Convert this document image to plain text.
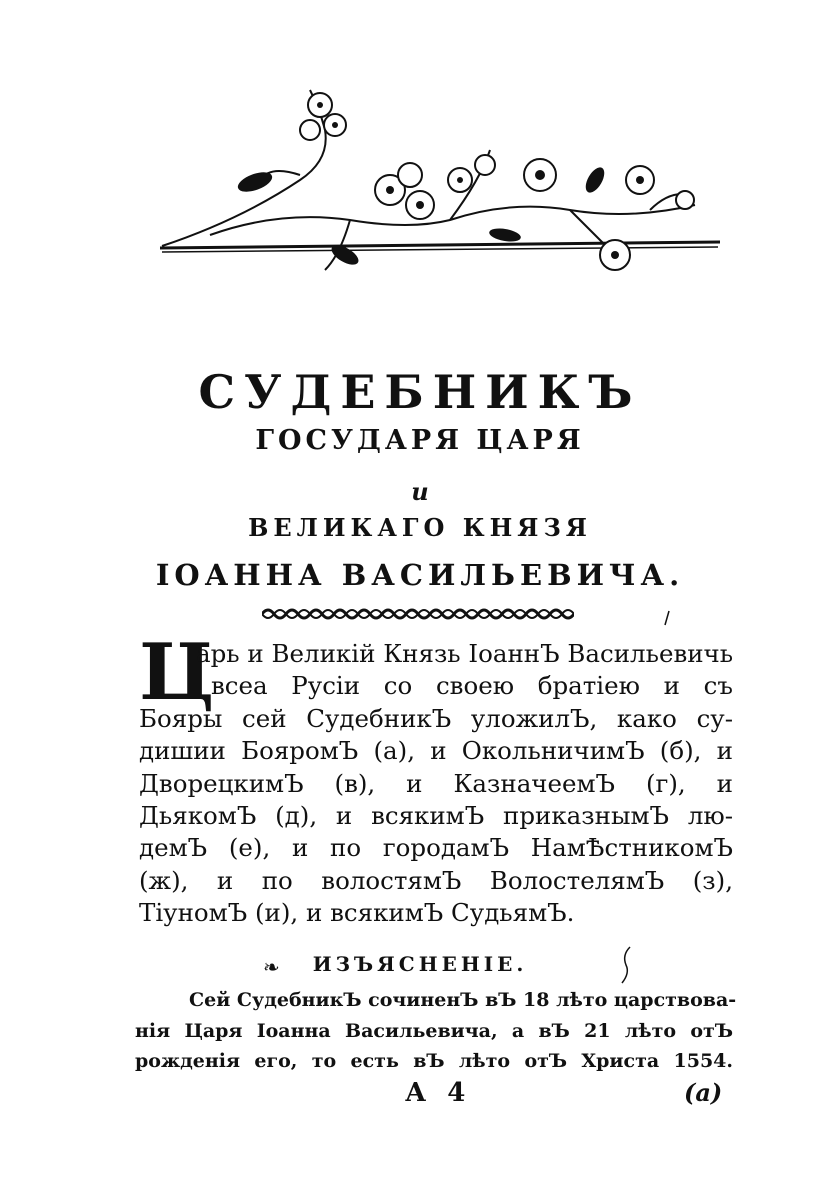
СУДЕБНИКЪ
ГОСУДАРЯ ЦАРЯ
и
ВЕЛИКАГО КНЯЗЯ
ІОАННА ВАСИЛЬЕВИЧА.
Ц
арь и Великій Князь ІоаннЪ Васильевичь
всеа Русіи со своею братіею и съ
Бояры сей СудебникЪ уложилЪ, како су-
дишии БояромЪ (а), и ОкольничимЪ (б), и
ДворецкимЪ (в), и КазначеемЪ (г), и
ДьякомЪ (д), и всякимЪ приказнымЪ лю-
демЪ (е), и по городамЪ НамѢстникомЪ
(ж), и по волостямЪ ВолостелямЪ (з),
ТіуномЪ (и), и всякимЪ СудьямЪ.
❧	ИЗЪЯСНЕНІЕ.
Сей СудебникЪ сочиненЪ вЪ 18 лѣто царствова-
нія Царя Іоанна Васильевича, а вЪ 21 лѣто отЪ
рожденія его, то есть вЪ лѣто отЪ Христа 1554.
А 4	(а)
